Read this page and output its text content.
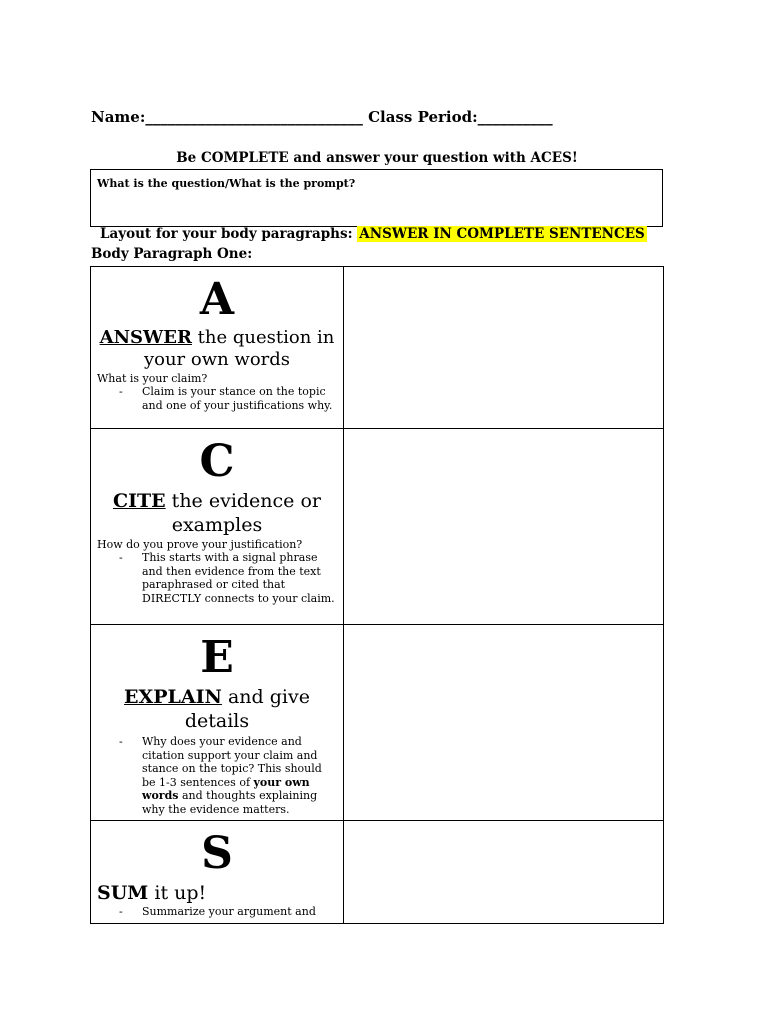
Name:_____________________________ Class Period:__________
Be COMPLETE and answer your question with ACES!
What is the question/What is the prompt?
Layout for your body paragraphs: ANSWER IN COMPLETE SENTENCES
Body Paragraph One:
A
ANSWER the question in your own words
What is your claim?
- Claim is your stance on the topic and one of your justifications why.	

C
CITE the evidence or examples
How do you prove your justification?
- This starts with a signal phrase and then evidence from the text paraphrased or cited that DIRECTLY connects to your claim.	

E
EXPLAIN and give details
- Why does your evidence and citation support your claim and stance on the topic? This should be 1-3 sentences of your own words and thoughts explaining why the evidence matters.	

S
SUM it up!
- Summarize your argument and	
